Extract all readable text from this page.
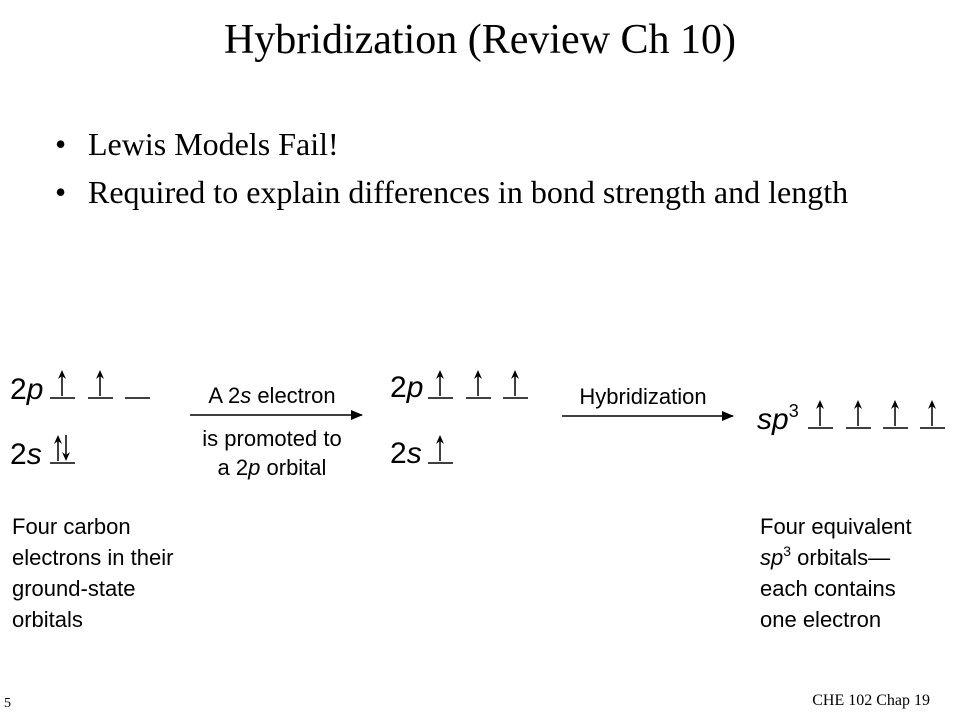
Hybridization (Review Ch 10)
• Lewis Models Fail!
• Required to explain differences in bond strength and length
2p
2s
A 2s electron
is promoted to
a 2p orbital
2p
2s
Hybridization
$sp^3$
Four carbon
electrons in their
ground-state
orbitals
Four equivalent
$sp^3$ orbitals—
each contains
one electron
5	CHE 102 Chap 19
